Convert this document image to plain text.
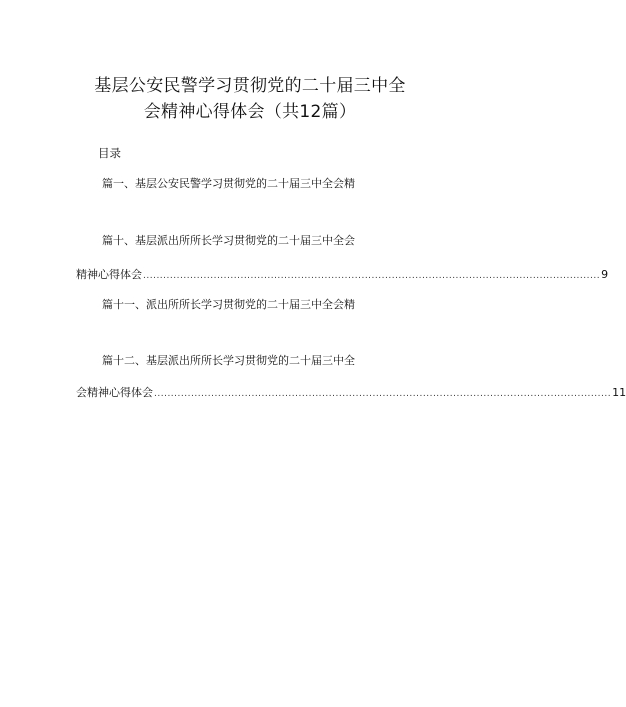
基层公安民警学习贯彻党的二十届三中全
会精神心得体会（共12篇）
目录
篇一、基层公安民警学习贯彻党的二十届三中全会精
篇十、基层派出所所长学习贯彻党的二十届三中全会
精神心得体会 ........................................................................................................................................ 9
篇十一、派出所所长学习贯彻党的二十届三中全会精
篇十二、基层派出所所长学习贯彻党的二十届三中全
会精神心得体会 ........................................................................................................................................ 11
